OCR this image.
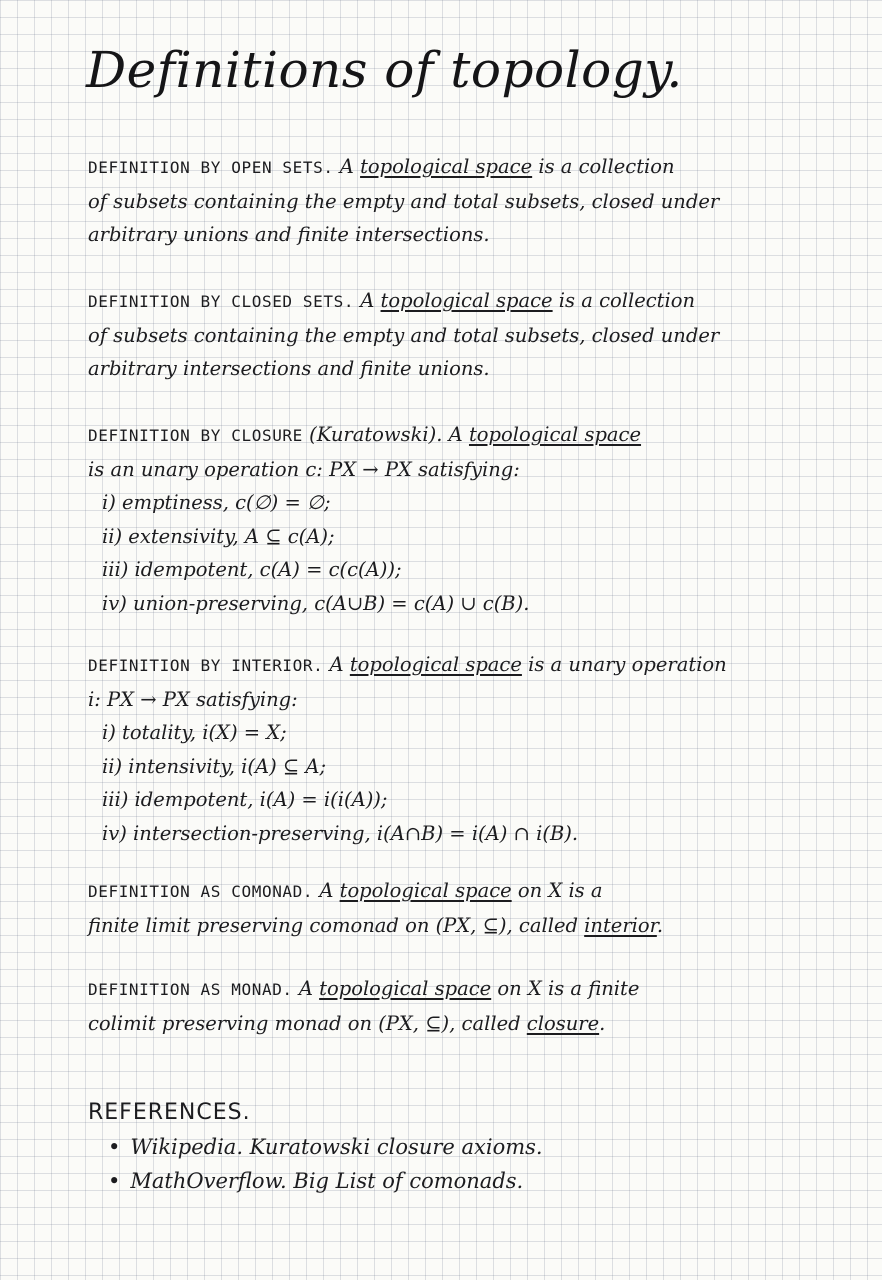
Definitions of topology.
DEFINITION BY OPEN SETS. A topological space is a collection
of subsets containing the empty and total subsets, closed under
arbitrary unions and finite intersections.
DEFINITION BY CLOSED SETS. A topological space is a collection
of subsets containing the empty and total subsets, closed under
arbitrary intersections and finite unions.
DEFINITION BY CLOSURE (Kuratowski). A topological space
is an unary operation c: PX → PX satisfying:
i) emptiness, c(∅) = ∅;
ii) extensivity, A ⊆ c(A);
iii) idempotent, c(A) = c(c(A));
iv) union-preserving, c(A∪B) = c(A) ∪ c(B).
DEFINITION BY INTERIOR. A topological space is a unary operation
i: PX → PX satisfying:
i) totality, i(X) = X;
ii) intensivity, i(A) ⊆ A;
iii) idempotent, i(A) = i(i(A));
iv) intersection-preserving, i(A∩B) = i(A) ∩ i(B).
DEFINITION AS COMONAD. A topological space on X is a
finite limit preserving comonad on (PX, ⊆), called interior.
DEFINITION AS MONAD. A topological space on X is a finite
colimit preserving monad on (PX, ⊆), called closure.
REFERENCES.
• Wikipedia. Kuratowski closure axioms.
• MathOverflow. Big List of comonads.
